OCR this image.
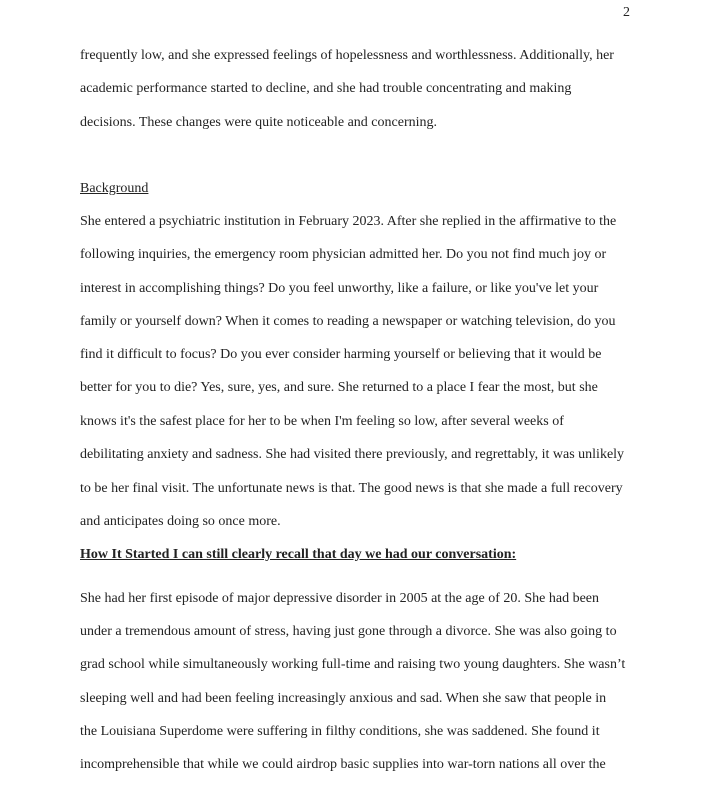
2
frequently low, and she expressed feelings of hopelessness and worthlessness. Additionally, her
academic performance started to decline, and she had trouble concentrating and making
decisions. These changes were quite noticeable and concerning.
Background
She entered a psychiatric institution in February 2023. After she replied in the affirmative to the
following inquiries, the emergency room physician admitted her. Do you not find much joy or
interest in accomplishing things? Do you feel unworthy, like a failure, or like you've let your
family or yourself down? When it comes to reading a newspaper or watching television, do you
find it difficult to focus? Do you ever consider harming yourself or believing that it would be
better for you to die? Yes, sure, yes, and sure. She returned to a place I fear the most, but she
knows it's the safest place for her to be when I'm feeling so low, after several weeks of
debilitating anxiety and sadness. She had visited there previously, and regrettably, it was unlikely
to be her final visit. The unfortunate news is that. The good news is that she made a full recovery
and anticipates doing so once more.
How It Started I can still clearly recall that day we had our conversation:
She had her first episode of major depressive disorder in 2005 at the age of 20. She had been
under a tremendous amount of stress, having just gone through a divorce. She was also going to
grad school while simultaneously working full-time and raising two young daughters. She wasn’t
sleeping well and had been feeling increasingly anxious and sad. When she saw that people in
the Louisiana Superdome were suffering in filthy conditions, she was saddened. She found it
incomprehensible that while we could airdrop basic supplies into war-torn nations all over the
